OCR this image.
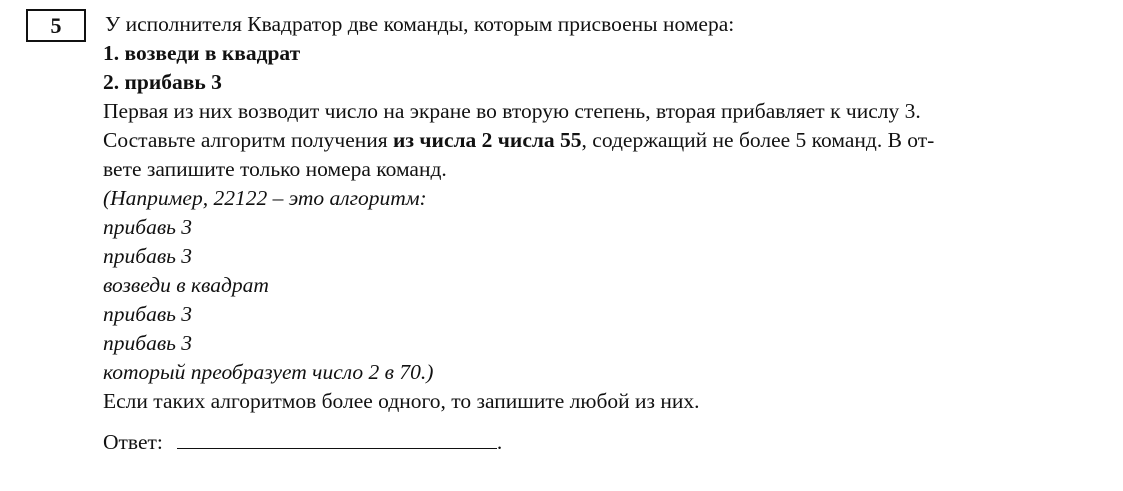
5 У исполнителя Квадратор две команды, которым присвоены номера:
1. возведи в квадрат
2. прибавь 3
Первая из них возводит число на экране во вторую степень, вторая прибавляет к числу 3.
Составьте алгоритм получения из числа 2 числа 55, содержащий не более 5 команд. В от-
вете запишите только номера команд.
(Например, 22122 – это алгоритм:
прибавь 3
прибавь 3
возведи в квадрат
прибавь 3
прибавь 3
который преобразует число 2 в 70.)
Если таких алгоритмов более одного, то запишите любой из них.
Ответ:	.
